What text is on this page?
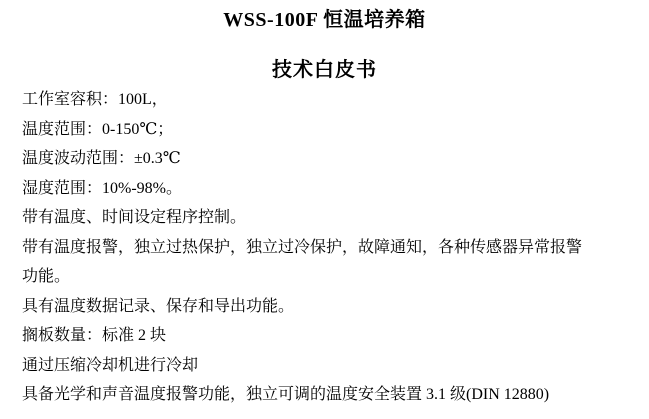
WSS-100F 恒温培养箱
技术白皮书
工作室容积：100L，
温度范围：0-150℃；
温度波动范围：±0.3℃
湿度范围：10%-98%。
带有温度、时间设定程序控制。
带有温度报警，独立过热保护，独立过冷保护，故障通知，各种传感器异常报警
功能。
具有温度数据记录、保存和导出功能。
搁板数量：标准 2 块
通过压缩冷却机进行冷却
具备光学和声音温度报警功能，独立可调的温度安全装置 3.1 级(DIN 12880)
